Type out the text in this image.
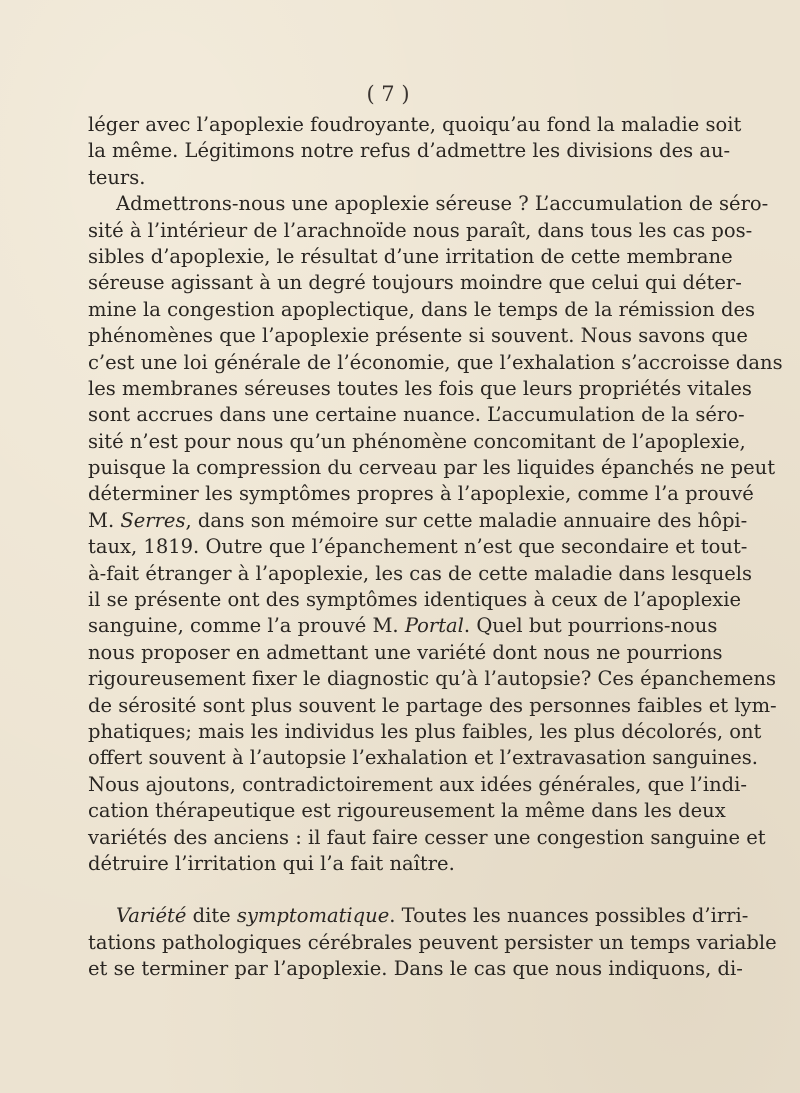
( 7 )
léger avec l’apoplexie foudroyante, quoiqu’au fond la maladie soit
la même. Légitimons notre refus d’admettre les divisions des au-
teurs.
Admettrons-nous une apoplexie séreuse ? L’accumulation de séro-
sité à l’intérieur de l’arachnoïde nous paraît, dans tous les cas pos-
sibles d’apoplexie, le résultat d’une irritation de cette membrane
séreuse agissant à un degré toujours moindre que celui qui déter-
mine la congestion apoplectique, dans le temps de la rémission des
phénomènes que l’apoplexie présente si souvent. Nous savons que
c’est une loi générale de l’économie, que l’exhalation s’accroisse dans
les membranes séreuses toutes les fois que leurs propriétés vitales
sont accrues dans une certaine nuance. L’accumulation de la séro-
sité n’est pour nous qu’un phénomène concomitant de l’apoplexie,
puisque la compression du cerveau par les liquides épanchés ne peut
déterminer les symptômes propres à l’apoplexie, comme l’a prouvé
M. Serres, dans son mémoire sur cette maladie annuaire des hôpi-
taux, 1819. Outre que l’épanchement n’est que secondaire et tout-
à-fait étranger à l’apoplexie, les cas de cette maladie dans lesquels
il se présente ont des symptômes identiques à ceux de l’apoplexie
sanguine, comme l’a prouvé M. Portal. Quel but pourrions-nous
nous proposer en admettant une variété dont nous ne pourrions
rigoureusement fixer le diagnostic qu’à l’autopsie? Ces épanchemens
de sérosité sont plus souvent le partage des personnes faibles et lym-
phatiques; mais les individus les plus faibles, les plus décolorés, ont
offert souvent à l’autopsie l’exhalation et l’extravasation sanguines.
Nous ajoutons, contradictoirement aux idées générales, que l’indi-
cation thérapeutique est rigoureusement la même dans les deux
variétés des anciens : il faut faire cesser une congestion sanguine et
détruire l’irritation qui l’a fait naître.
Variété dite symptomatique. Toutes les nuances possibles d’irri-
tations pathologiques cérébrales peuvent persister un temps variable
et se terminer par l’apoplexie. Dans le cas que nous indiquons, di-
